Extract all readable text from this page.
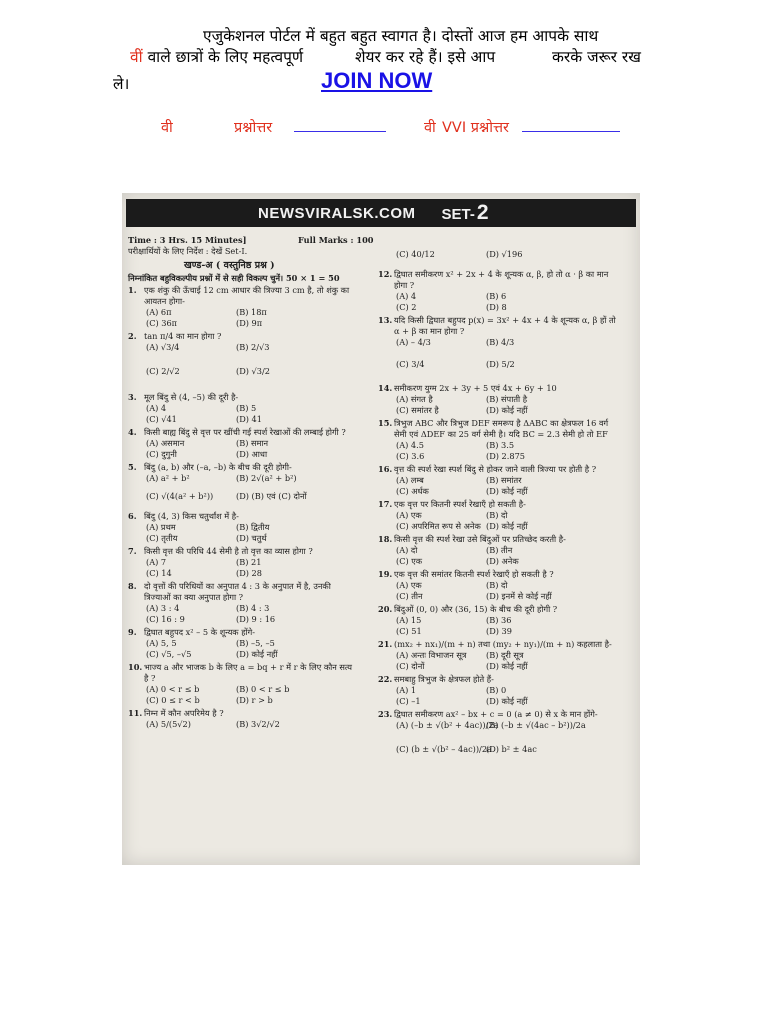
एजुकेशनल पोर्टल में बहुत बहुत स्वागत है। दोस्तों आज हम आपके साथ
वीं वाले छात्रों के लिए महत्वपूर्ण	शेयर कर रहे हैं। इसे आप	करके जरूर रख
ले।	JOIN NOW
वी	प्रश्नोत्तर	वी VVI प्रश्नोत्तर
NEWSVIRALSK.COM SET-2
Time : 3 Hrs. 15 Minutes]	Full Marks : 100
परीक्षार्थियों के लिए निर्देश : देखें Set-I.
खण्ड-अ ( वस्तुनिष्ठ प्रश्न )
निम्नांकित बहुविकल्पीय प्रश्नों में से सही विकल्प चुनें। 50 × 1 = 50
1. एक शंकु की ऊँचाई 12 cm आधार की त्रिज्या 3 cm है, तो शंकु का
आयतन होगा-
(A) 6π	(B) 18π
(C) 36π	(D) 9π
2. tan π/4 का मान होगा ?
(A) √3/4	(B) 2/√3
(C) 2/√2	(D) √3/2
3. मूल बिंदु से (4, –5) की दूरी है-
(A) 4	(B) 5
(C) √41	(D) 41
4. किसी बाह्य बिंदु से वृत्त पर खींची गई स्पर्श रेखाओं की लम्बाई होगी ?
(A) असमान	(B) समान
(C) दुगुनी	(D) आधा
5. बिंदु (a, b) और (–a, –b) के बीच की दूरी होगी-
(A) a² + b²	(B) 2√(a² + b²)
(C) √(4(a² + b²))	(D) (B) एवं (C) दोनों
6. बिंदु (4, 3) किस चतुर्थांश में है-
(A) प्रथम	(B) द्वितीय
(C) तृतीय	(D) चतुर्थ
7. किसी वृत्त की परिधि 44 सेमी है तो वृत्त का व्यास होगा ?
(A) 7	(B) 21
(C) 14	(D) 28
8. दो वृत्तों की परिधियों का अनुपात 4 : 3 के अनुपात में है, उनकी
त्रिज्याओं का क्या अनुपात होगा ?
(A) 3 : 4	(B) 4 : 3
(C) 16 : 9	(D) 9 : 16
9. द्विघात बहुपद x² – 5 के शून्यक होंगे-
(A) 5, 5	(B) –5, –5
(C) √5, –√5	(D) कोई नहीं
10. भाज्य a और भाजक b के लिए a = bq + r में r के लिए कौन सत्य
है ?
(A) 0 < r ≤ b	(B) 0 < r ≤ b
(C) 0 ≤ r < b	(D) r > b
11. निम्न में कौन अपरिमेय है ?
(A) 5/(5√2)	(B) 3√2/√2
(C) 40/12	(D) √196
12. द्विघात समीकरण x² + 2x + 4 के शून्यक α, β, हो तो α · β का मान
होगा ?
(A) 4	(B) 6
(C) 2	(D) 8
13. यदि किसी द्विघात बहुपद p(x) = 3x² + 4x + 4 के शून्यक α, β हों तो
α + β का मान होगा ?
(A) – 4/3	(B) 4/3
(C) 3/4	(D) 5/2
14. समीकरण युग्म 2x + 3y + 5 एवं 4x + 6y + 10
(A) संगत है	(B) संपाती है
(C) समांतर है	(D) कोई नहीं
15. त्रिभुज ABC और त्रिभुज DEF समरूप है ΔABC का क्षेत्रफल 16 वर्ग
सेमी एवं ΔDEF का 25 वर्ग सेमी है। यदि BC = 2.3 सेमी हो तो EF
(A) 4.5	(B) 3.5
(C) 3.6	(D) 2.875
16. वृत्त की स्पर्श रेखा स्पर्श बिंदु से होकर जाने वाली त्रिज्या पर होती है ?
(A) लम्ब	(B) समांतर
(C) अर्धक	(D) कोई नहीं
17. एक वृत्त पर कितनी स्पर्श रेखाएँ हो सकती है-
(A) एक	(B) दो
(C) अपरिमित रूप से अनेक (D) कोई नहीं
18. किसी वृत्त की स्पर्श रेखा उसे बिंदुओं पर प्रतिच्छेद करती है-
(A) दो	(B) तीन
(C) एक	(D) अनेक
19. एक वृत्त की समांतर कितनी स्पर्श रेखाएँ हो सकती है ?
(A) एक	(B) दो
(C) तीन	(D) इनमें से कोई नहीं
20. बिंदुओं (0, 0) और (36, 15) के बीच की दूरी होगी ?
(A) 15	(B) 36
(C) 51	(D) 39
21. (mx₂ + nx₁)/(m + n) तथा (my₂ + ny₁)/(m + n) कहलाता है-
(A) अन्तः विभाजन सूत्र (B) दूरी सूत्र
(C) दोनों	(D) कोई नहीं
22. समबाहु त्रिभुज के क्षेत्रफल होते हैं-
(A) 1	(B) 0
(C) –1	(D) कोई नहीं
23. द्विघात समीकरण ax² – bx + c = 0 (a ≠ 0) से x के मान होंगे-
(A) (–b ± √(b² + 4ac))/2a
(B) (–b ± √(4ac – b²))/2a
(C) (b ± √(b² – 4ac))/2a
(D) b² ± 4ac
